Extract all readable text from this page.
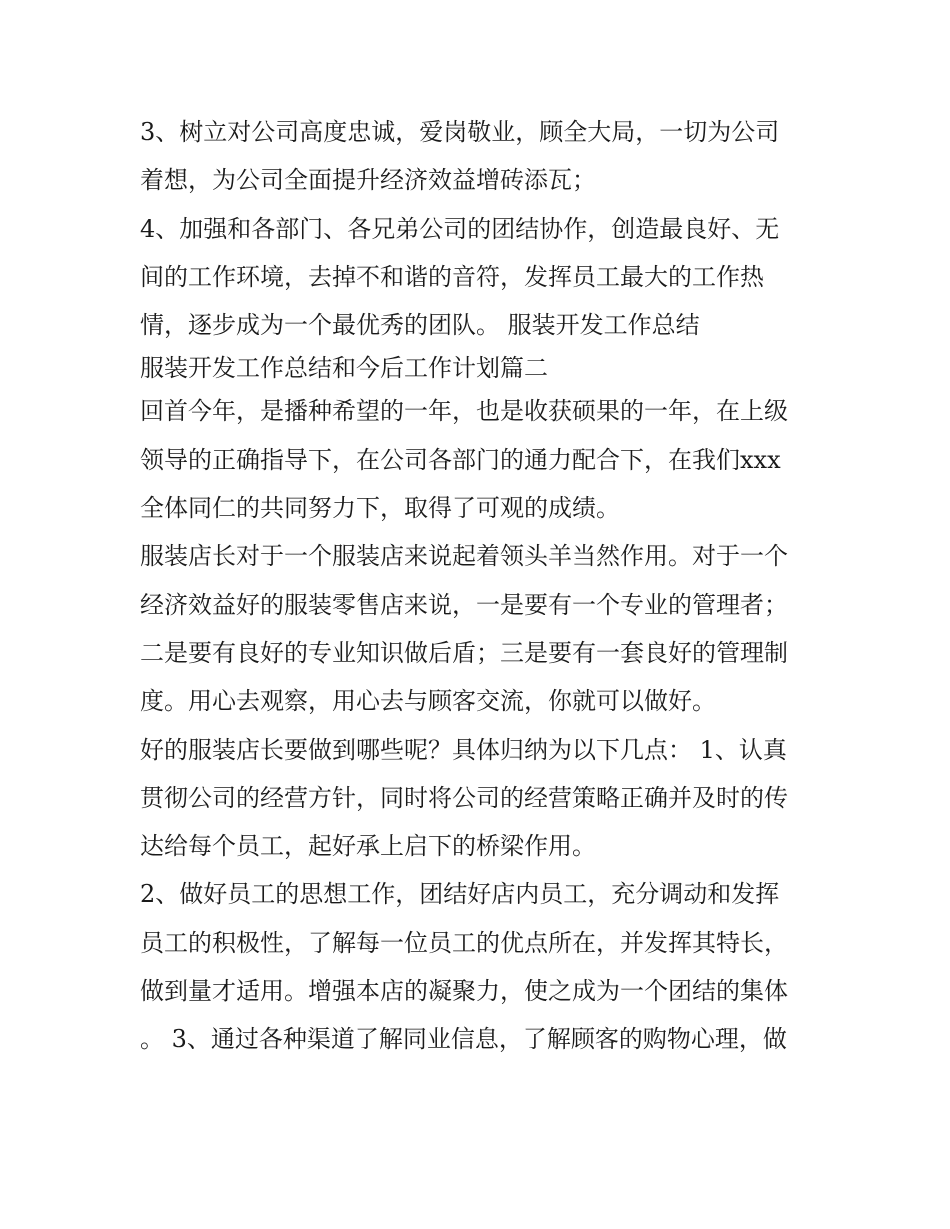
3、树立对公司高度忠诚，爱岗敬业，顾全大局，一切为公司
着想，为公司全面提升经济效益增砖添瓦；
4、加强和各部门、各兄弟公司的团结协作，创造最良好、无
间的工作环境，去掉不和谐的音符，发挥员工最大的工作热
情，逐步成为一个最优秀的团队。 服装开发工作总结
服装开发工作总结和今后工作计划篇二
回首今年，是播种希望的一年，也是收获硕果的一年，在上级
领导的正确指导下，在公司各部门的通力配合下，在我们xxx
全体同仁的共同努力下，取得了可观的成绩。
服装店长对于一个服装店来说起着领头羊当然作用。对于一个
经济效益好的服装零售店来说，一是要有一个专业的管理者；
二是要有良好的专业知识做后盾；三是要有一套良好的管理制
度。用心去观察，用心去与顾客交流，你就可以做好。
好的服装店长要做到哪些呢？具体归纳为以下几点： 1、认真
贯彻公司的经营方针，同时将公司的经营策略正确并及时的传
达给每个员工，起好承上启下的桥梁作用。
2、做好员工的思想工作，团结好店内员工，充分调动和发挥
员工的积极性，了解每一位员工的优点所在，并发挥其特长，
做到量才适用。增强本店的凝聚力，使之成为一个团结的集体
。 3、通过各种渠道了解同业信息，了解顾客的购物心理，做
